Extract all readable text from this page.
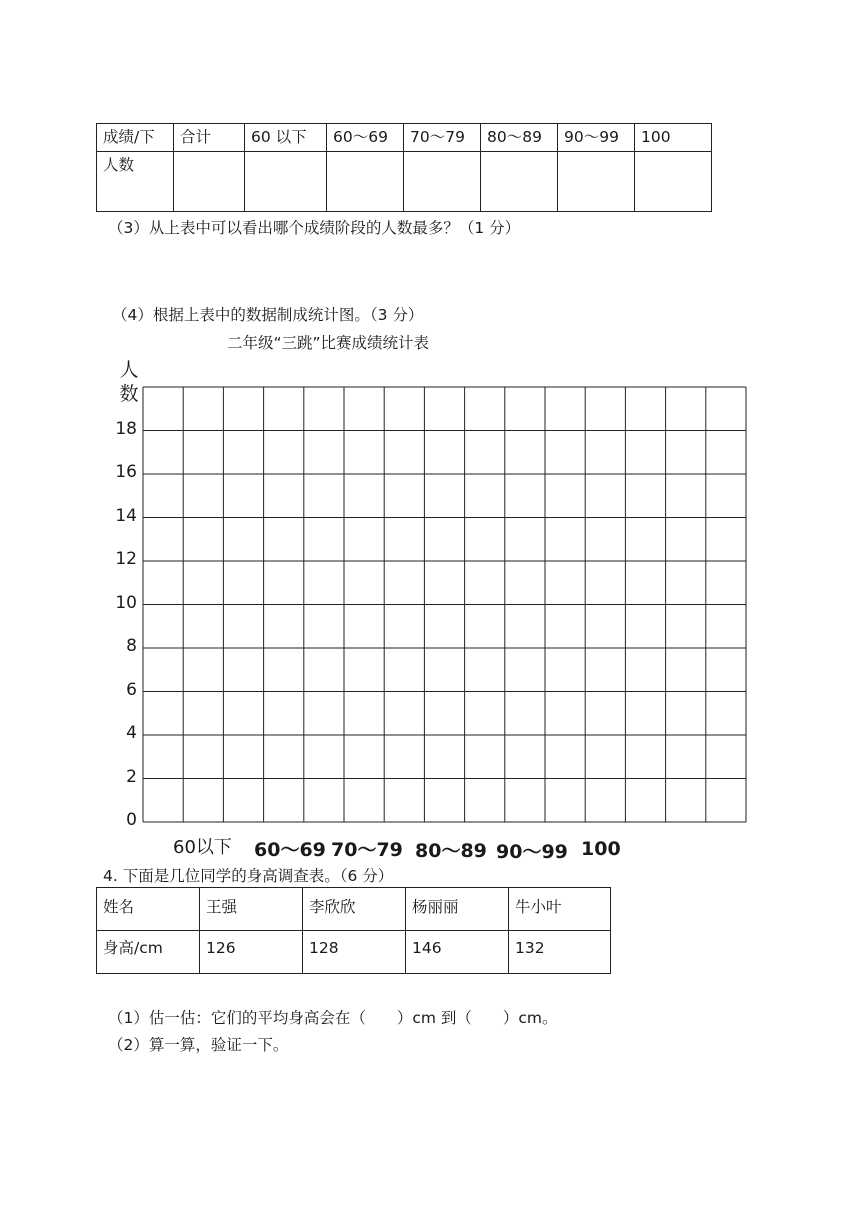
成绩/下	合计	60 以下	60～69	70～79	80～89	90～99	100
人数							
（3）从上表中可以看出哪个成绩阶段的人数最多？（1 分）
（4）根据上表中的数据制成统计图。（3 分）
二年级“三跳”比赛成绩统计表
人
数
0
2
4
6
8
10
12
14
16
18
60以下 60～69 70～79 80～89 90～99 100
4. 下面是几位同学的身高调查表。（6 分）
姓名	王强	李欣欣	杨丽丽	牛小叶
身高/cm	126	128	146	132
（1）估一估：它们的平均身高会在（　　）cm 到（　　）cm。
（2）算一算，验证一下。
